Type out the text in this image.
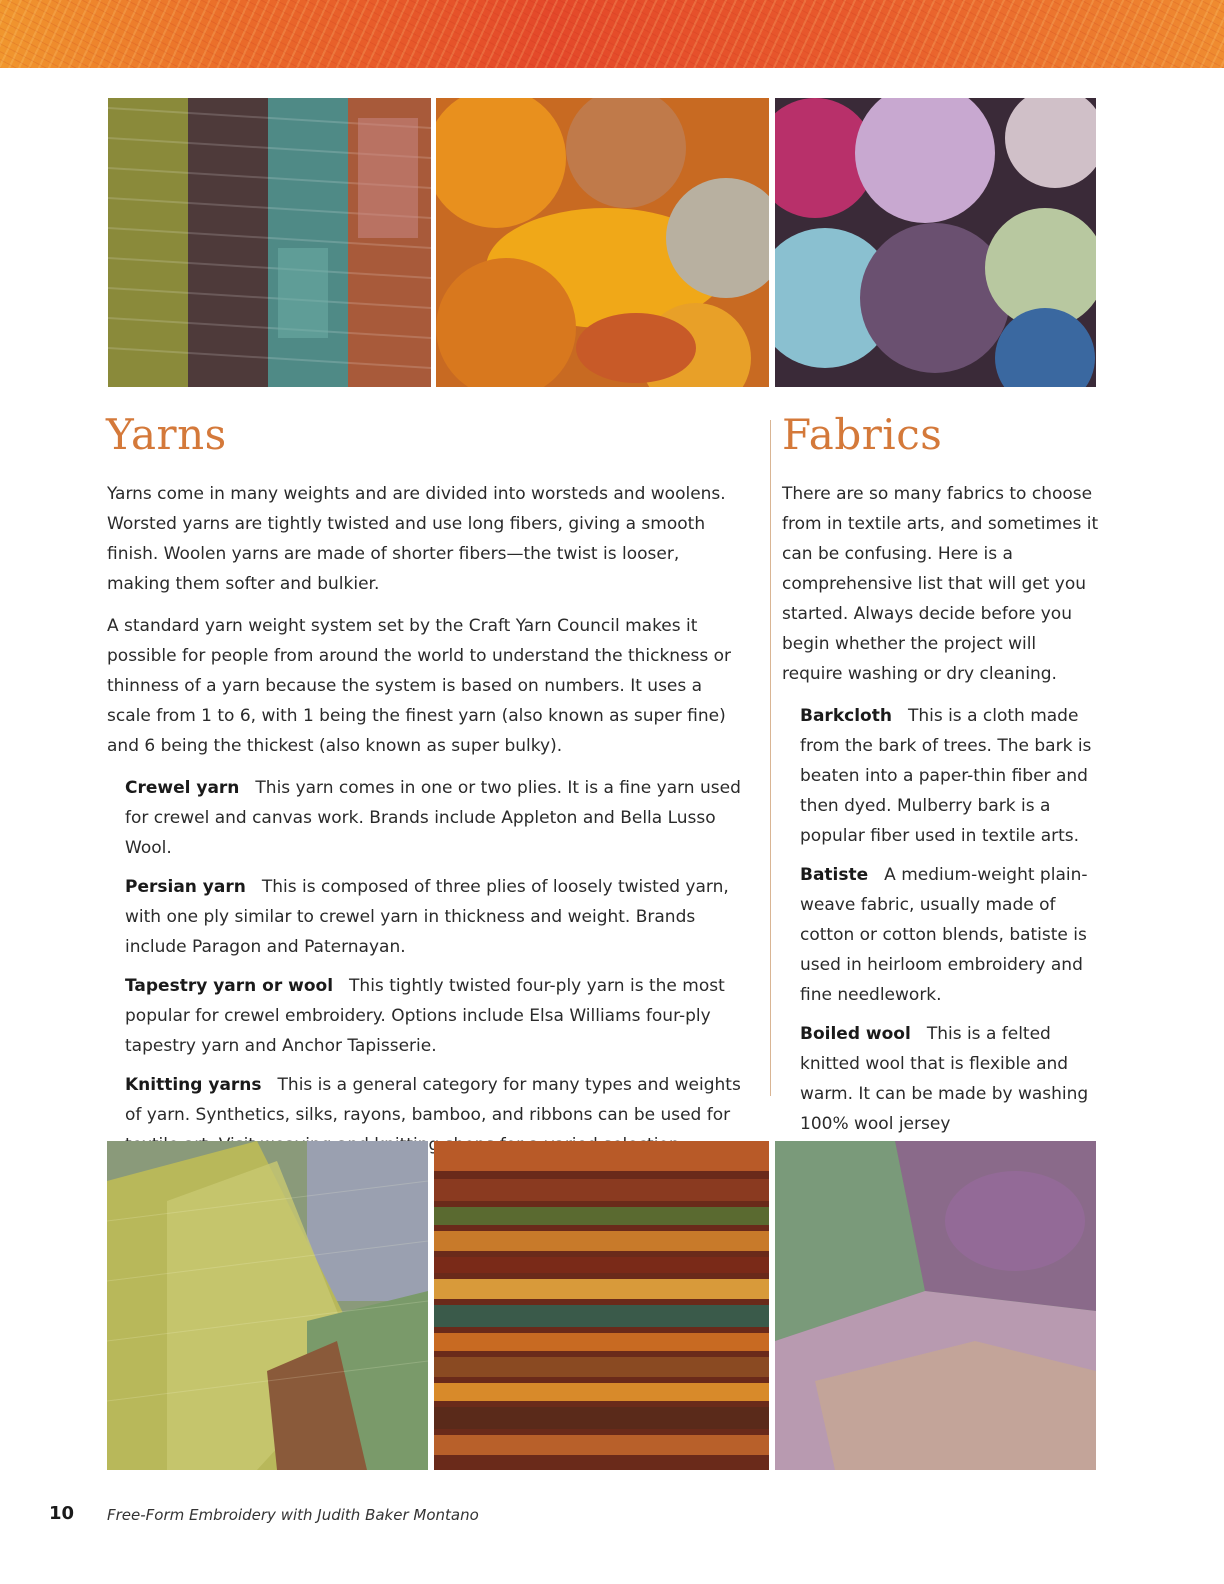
Yarns

Yarns come in many weights and are divided into worsteds and woolens. Worsted yarns are tightly twisted and use long fibers, giving a smooth finish. Woolen yarns are made of shorter fibers—the twist is looser, making them softer and bulkier.

A standard yarn weight system set by the Craft Yarn Council makes it possible for people from around the world to understand the thickness or thinness of a yarn because the system is based on numbers. It uses a scale from 1 to 6, with 1 being the finest yarn (also known as super fine) and 6 being the thickest (also known as super bulky).

Crewel yarn This yarn comes in one or two plies. It is a fine yarn used for crewel and canvas work. Brands include Appleton and Bella Lusso Wool.

Persian yarn This is composed of three plies of loosely twisted yarn, with one ply similar to crewel yarn in thickness and weight. Brands include Paragon and Paternayan.

Tapestry yarn or wool This tightly twisted four-ply yarn is the most popular for crewel embroidery. Options include Elsa Williams four-ply tapestry yarn and Anchor Tapisserie.

Knitting yarns This is a general category for many types and weights of yarn. Synthetics, silks, rayons, bamboo, and ribbons can be used for

Fabrics

There are so many fabrics to choose from in textile arts, and sometimes it can be confusing. Here is a comprehensive list that will get you started. Always decide before you begin whether the project will require washing or dry cleaning.

Barkcloth This is a cloth made from the bark of trees. The bark is beaten into a paper-thin fiber and then dyed. Mulberry bark is a popular fiber used in textile arts.

Batiste A medium-weight plain-weave fabric, usually made of cotton or cotton blends, batiste is used in heirloom embroidery and fine needlework.

Boiled wool This is a felted knitted wool that is flexible and warm. It can be made by washing 100% wool jersey

10 Free-Form Embroidery with Judith Baker Montano
